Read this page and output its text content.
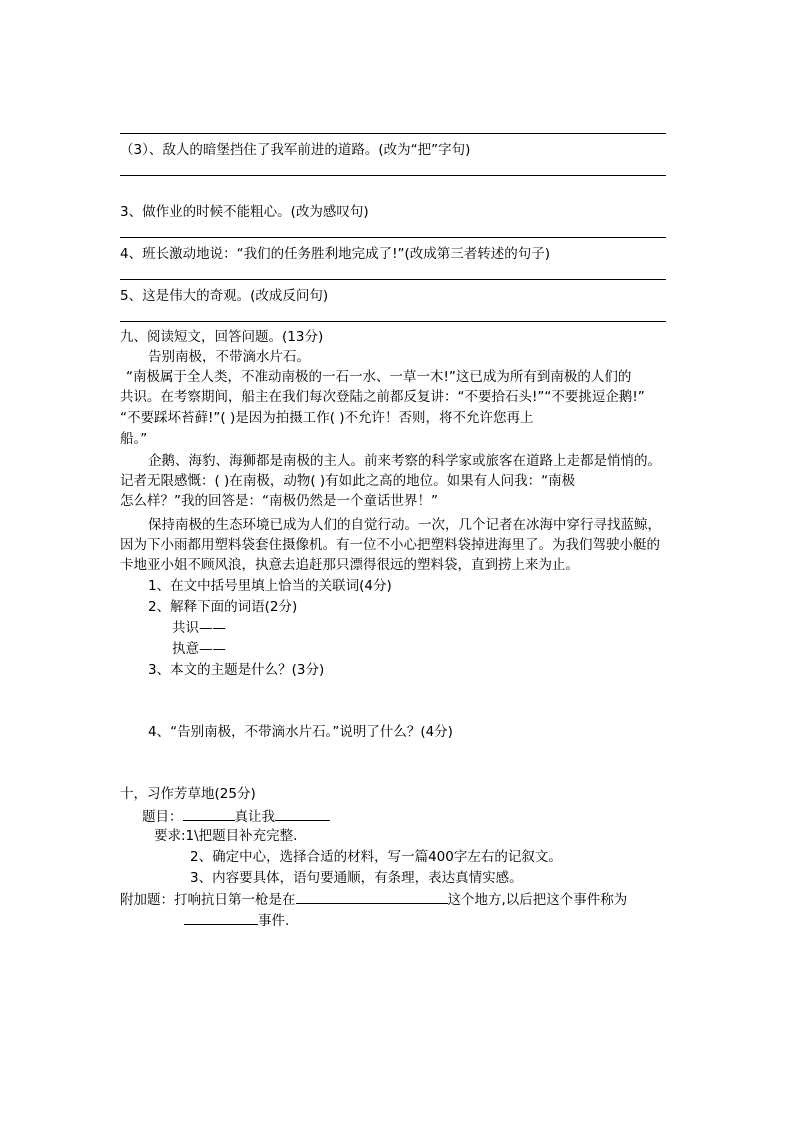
（3）、敌人的暗堡挡住了我军前进的道路。(改为“把”字句)
3、做作业的时候不能粗心。(改为感叹句)
4、班长激动地说：“我们的任务胜利地完成了!”(改成第三者转述的句子)
5、这是伟大的奇观。(改成反问句)
九、阅读短文，回答问题。(13分)
告别南极，不带滴水片石。
“南极属于全人类，不准动南极的一石一水、一草一木!”这已成为所有到南极的人们的
共识。在考察期间，船主在我们每次登陆之前都反复讲：“不要拾石头!”“不要挑逗企鹅!”
“不要踩坏苔藓!”( )是因为拍摄工作( )不允许！否则，将不允许您再上
船。”
企鹅、海豹、海狮都是南极的主人。前来考察的科学家或旅客在道路上走都是悄悄的。
记者无限感慨：( )在南极，动物( )有如此之高的地位。如果有人问我：“南极
怎么样？”我的回答是：“南极仍然是一个童话世界！”
保持南极的生态环境已成为人们的自觉行动。一次，几个记者在冰海中穿行寻找蓝鲸，
因为下小雨都用塑料袋套住摄像机。有一位不小心把塑料袋掉进海里了。为我们驾驶小艇的
卡地亚小姐不顾风浪，执意去追赶那只漂得很远的塑料袋，直到捞上来为止。
1、在文中括号里填上恰当的关联词(4分)
2、解释下面的词语(2分)
共识——
执意——
3、本文的主题是什么？(3分)
4、“告别南极，不带滴水片石。”说明了什么？(4分)
十，习作芳草地(25分)
题目：	真让我
要求:1\把题目补充完整.
2、确定中心，选择合适的材料，写一篇400字左右的记叙文。
3、内容要具体，语句要通顺，有条理，表达真情实感。
附加题：打响抗日第一枪是在	这个地方,以后把这个事件称为
事件.
